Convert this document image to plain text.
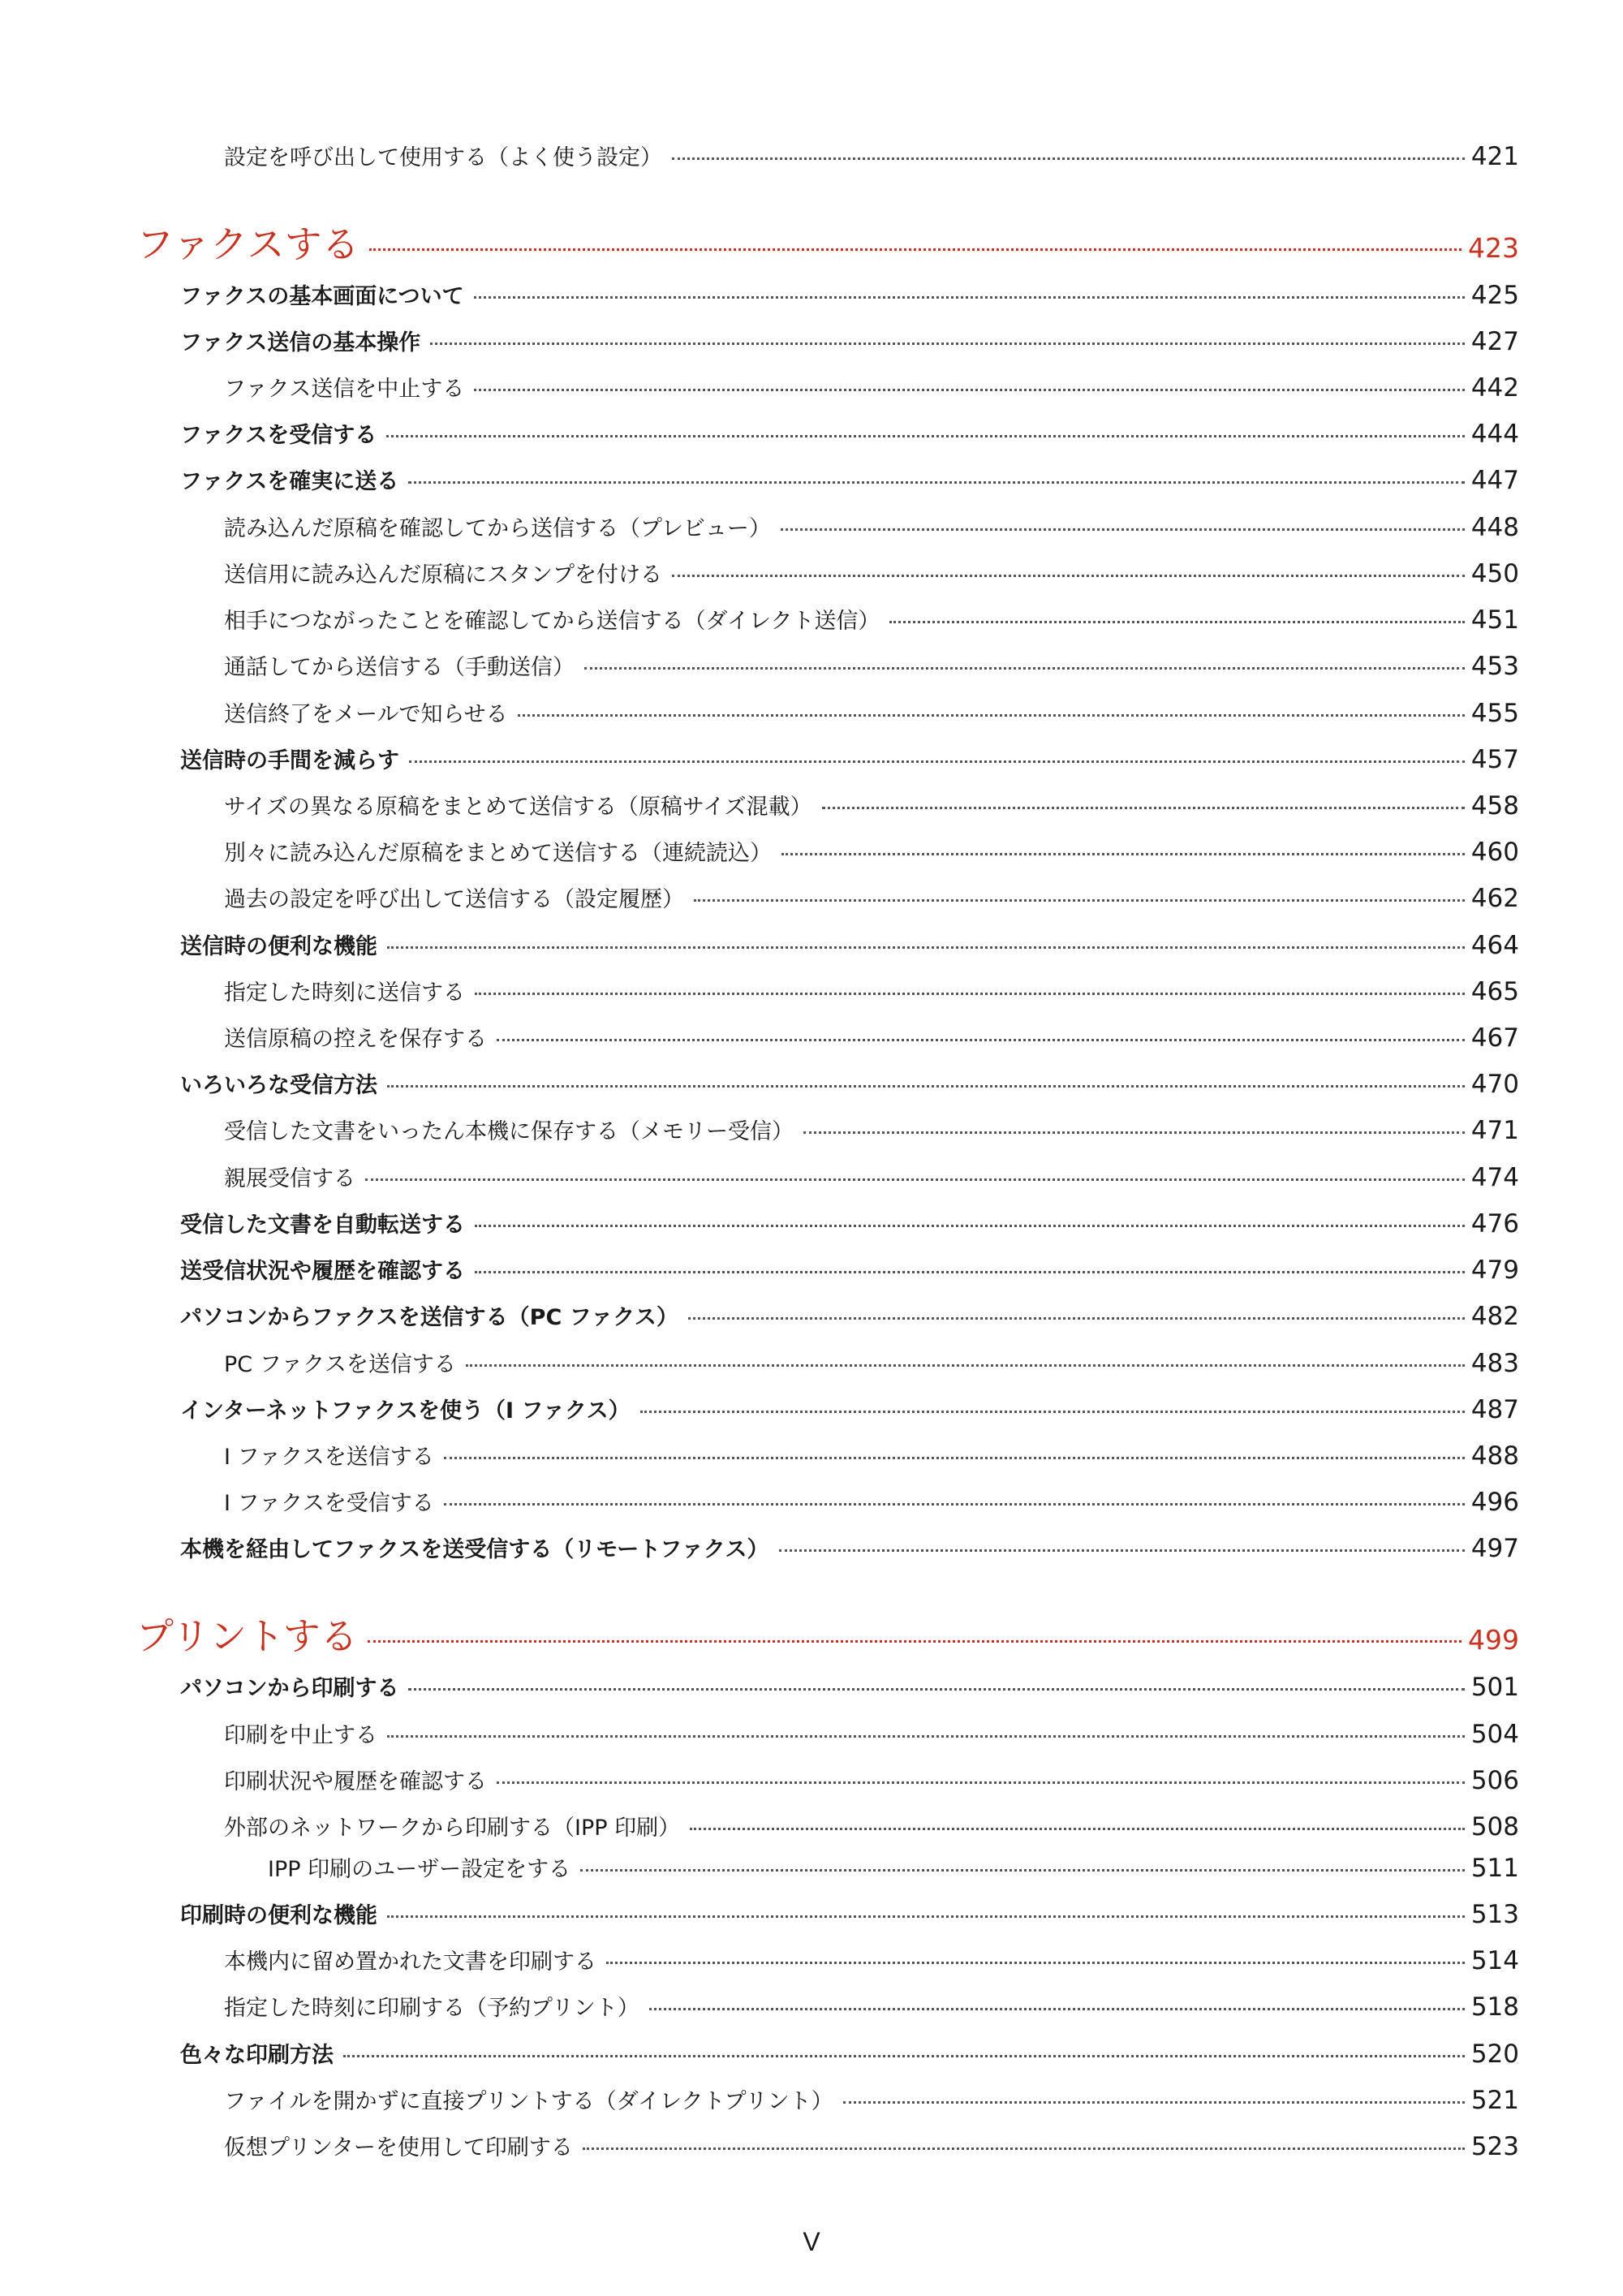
設定を呼び出して使用する（よく使う設定）	421
ファクスする	423
ファクスの基本画面について	425
ファクス送信の基本操作	427
ファクス送信を中止する	442
ファクスを受信する	444
ファクスを確実に送る	447
読み込んだ原稿を確認してから送信する（プレビュー）	448
送信用に読み込んだ原稿にスタンプを付ける	450
相手につながったことを確認してから送信する（ダイレクト送信）	451
通話してから送信する（手動送信）	453
送信終了をメールで知らせる	455
送信時の手間を減らす	457
サイズの異なる原稿をまとめて送信する（原稿サイズ混載）	458
別々に読み込んだ原稿をまとめて送信する（連続読込）	460
過去の設定を呼び出して送信する（設定履歴）	462
送信時の便利な機能	464
指定した時刻に送信する	465
送信原稿の控えを保存する	467
いろいろな受信方法	470
受信した文書をいったん本機に保存する（メモリー受信）	471
親展受信する	474
受信した文書を自動転送する	476
送受信状況や履歴を確認する	479
パソコンからファクスを送信する（PC ファクス）	482
PC ファクスを送信する	483
インターネットファクスを使う（I ファクス）	487
I ファクスを送信する	488
I ファクスを受信する	496
本機を経由してファクスを送受信する（リモートファクス）	497
プリントする	499
パソコンから印刷する	501
印刷を中止する	504
印刷状況や履歴を確認する	506
外部のネットワークから印刷する（IPP 印刷）	508
IPP 印刷のユーザー設定をする	511
印刷時の便利な機能	513
本機内に留め置かれた文書を印刷する	514
指定した時刻に印刷する（予約プリント）	518
色々な印刷方法	520
ファイルを開かずに直接プリントする（ダイレクトプリント）	521
仮想プリンターを使用して印刷する	523
V
